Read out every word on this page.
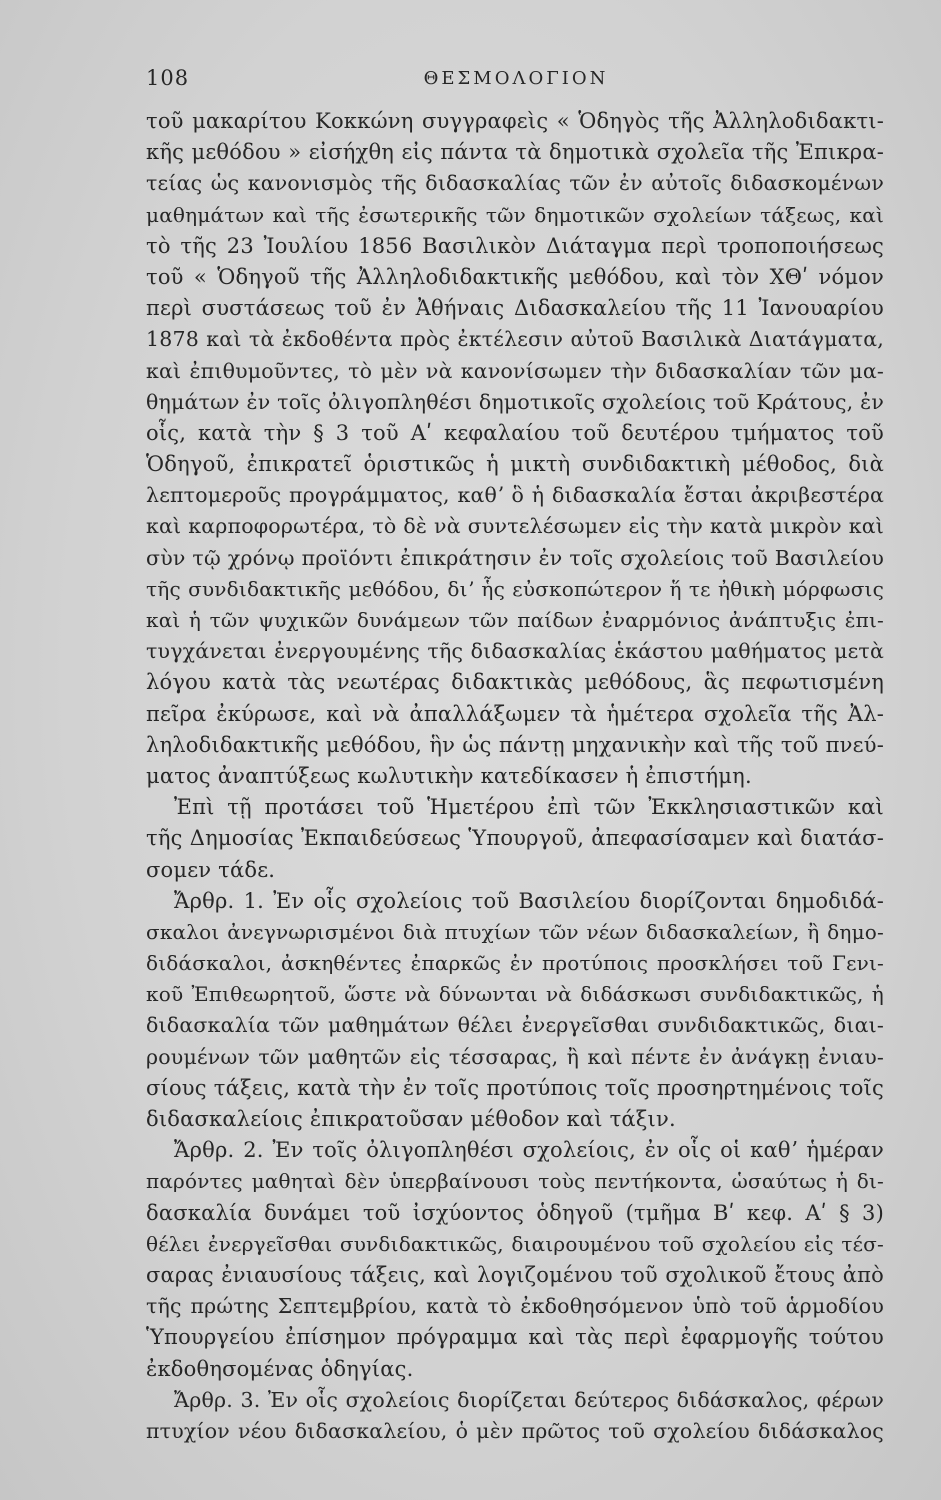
108	ΘΕΣΜΟΛΟΓΙΟΝ
τοῦ μακαρίτου Κοκκώνη συγγραφεὶς « Ὁδηγὸς τῆς Ἀλληλοδιδακτι-
κῆς μεθόδου » εἰσήχθη εἰς πάντα τὰ δημοτικὰ σχολεῖα τῆς Ἐπικρα-
τείας ὡς κανονισμὸς τῆς διδασκαλίας τῶν ἐν αὐτοῖς διδασκομένων
μαθημάτων καὶ τῆς ἐσωτερικῆς τῶν δημοτικῶν σχολείων τάξεως, καὶ
τὸ τῆς 23 Ἰουλίου 1856 Βασιλικὸν Διάταγμα περὶ τροποποιήσεως
τοῦ « Ὁδηγοῦ τῆς Ἀλληλοδιδακτικῆς μεθόδου, καὶ τὸν ΧΘʹ νόμον
περὶ συστάσεως τοῦ ἐν Ἀθήναις Διδασκαλείου τῆς 11 Ἰανουαρίου
1878 καὶ τὰ ἐκδοθέντα πρὸς ἐκτέλεσιν αὐτοῦ Βασιλικὰ Διατάγματα,
καὶ ἐπιθυμοῦντες, τὸ μὲν νὰ κανονίσωμεν τὴν διδασκαλίαν τῶν μα-
θημάτων ἐν τοῖς ὀλιγοπληθέσι δημοτικοῖς σχολείοις τοῦ Κράτους, ἐν
οἷς, κατὰ τὴν § 3 τοῦ Αʹ κεφαλαίου τοῦ δευτέρου τμήματος τοῦ
Ὁδηγοῦ, ἐπικρατεῖ ὁριστικῶς ἡ μικτὴ συνδιδακτικὴ μέθοδος, διὰ
λεπτομεροῦς προγράμματος, καθʼ ὃ ἡ διδασκαλία ἔσται ἀκριβεστέρα
καὶ καρποφορωτέρα, τὸ δὲ νὰ συντελέσωμεν εἰς τὴν κατὰ μικρὸν καὶ
σὺν τῷ χρόνῳ προϊόντι ἐπικράτησιν ἐν τοῖς σχολείοις τοῦ Βασιλείου
τῆς συνδιδακτικῆς μεθόδου, διʼ ἧς εὐσκοπώτερον ἥ τε ἠθικὴ μόρφωσις
καὶ ἡ τῶν ψυχικῶν δυνάμεων τῶν παίδων ἐναρμόνιος ἀνάπτυξις ἐπι-
τυγχάνεται ἐνεργουμένης τῆς διδασκαλίας ἑκάστου μαθήματος μετὰ
λόγου κατὰ τὰς νεωτέρας διδακτικὰς μεθόδους, ἃς πεφωτισμένη
πεῖρα ἐκύρωσε, καὶ νὰ ἀπαλλάξωμεν τὰ ἡμέτερα σχολεῖα τῆς Ἀλ-
ληλοδιδακτικῆς μεθόδου, ἣν ὡς πάντῃ μηχανικὴν καὶ τῆς τοῦ πνεύ-
ματος ἀναπτύξεως κωλυτικὴν κατεδίκασεν ἡ ἐπιστήμη.
Ἐπὶ τῇ προτάσει τοῦ Ἡμετέρου ἐπὶ τῶν Ἐκκλησιαστικῶν καὶ
τῆς Δημοσίας Ἐκπαιδεύσεως Ὑπουργοῦ, ἀπεφασίσαμεν καὶ διατάσ-
σομεν τάδε.
Ἄρθρ. 1. Ἐν οἷς σχολείοις τοῦ Βασιλείου διορίζονται δημοδιδά-
σκαλοι ἀνεγνωρισμένοι διὰ πτυχίων τῶν νέων διδασκαλείων, ἢ δημο-
διδάσκαλοι, ἀσκηθέντες ἐπαρκῶς ἐν προτύποις προσκλήσει τοῦ Γενι-
κοῦ Ἐπιθεωρητοῦ, ὥστε νὰ δύνωνται νὰ διδάσκωσι συνδιδακτικῶς, ἡ
διδασκαλία τῶν μαθημάτων θέλει ἐνεργεῖσθαι συνδιδακτικῶς, διαι-
ρουμένων τῶν μαθητῶν εἰς τέσσαρας, ἢ καὶ πέντε ἐν ἀνάγκῃ ἐνιαυ-
σίους τάξεις, κατὰ τὴν ἐν τοῖς προτύποις τοῖς προσηρτημένοις τοῖς
διδασκαλείοις ἐπικρατοῦσαν μέθοδον καὶ τάξιν.
Ἄρθρ. 2. Ἐν τοῖς ὀλιγοπληθέσι σχολείοις, ἐν οἷς οἱ καθʼ ἡμέραν
παρόντες μαθηταὶ δὲν ὑπερβαίνουσι τοὺς πεντήκοντα, ὡσαύτως ἡ δι-
δασκαλία δυνάμει τοῦ ἰσχύοντος ὁδηγοῦ (τμῆμα Βʹ κεφ. Αʹ § 3)
θέλει ἐνεργεῖσθαι συνδιδακτικῶς, διαιρουμένου τοῦ σχολείου εἰς τέσ-
σαρας ἐνιαυσίους τάξεις, καὶ λογιζομένου τοῦ σχολικοῦ ἔτους ἀπὸ
τῆς πρώτης Σεπτεμβρίου, κατὰ τὸ ἐκδοθησόμενον ὑπὸ τοῦ ἁρμοδίου
Ὑπουργείου ἐπίσημον πρόγραμμα καὶ τὰς περὶ ἐφαρμογῆς τούτου
ἐκδοθησομένας ὁδηγίας.
Ἄρθρ. 3. Ἐν οἷς σχολείοις διορίζεται δεύτερος διδάσκαλος, φέρων
πτυχίον νέου διδασκαλείου, ὁ μὲν πρῶτος τοῦ σχολείου διδάσκαλος
